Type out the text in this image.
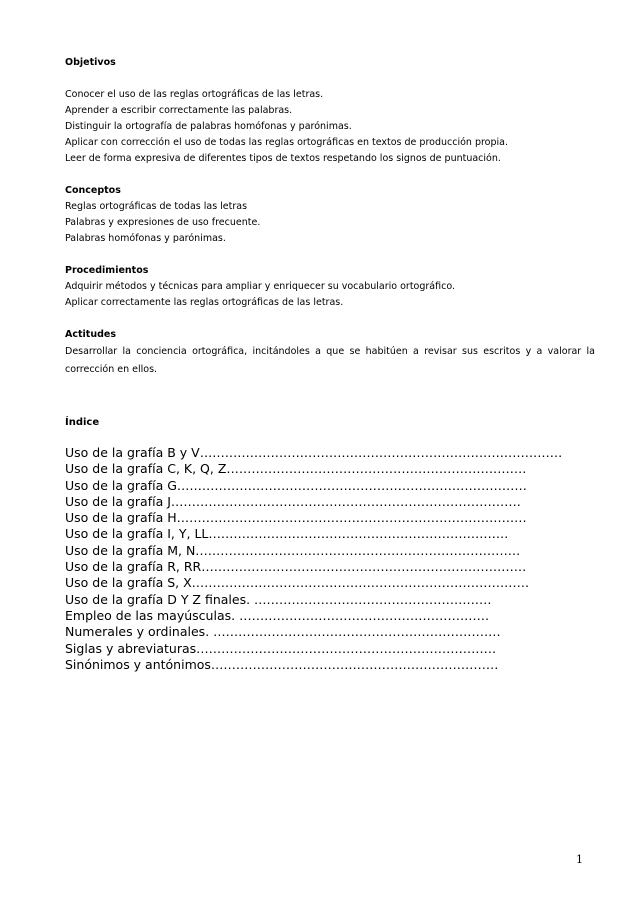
Objetivos

Conocer el uso de las reglas ortográficas de las letras.

Aprender a escribir correctamente las palabras.

Distinguir la ortografía de palabras homófonas y parónimas.

Aplicar con corrección el uso de todas las reglas ortográficas en textos de producción propia.

Leer de forma expresiva de diferentes tipos de textos respetando los signos de puntuación.

Conceptos

Reglas ortográficas de todas las letras

Palabras y expresiones de uso frecuente.

Palabras homófonas y parónimas.

Procedimientos

Adquirir métodos y técnicas para ampliar y enriquecer su vocabulario ortográfico.

Aplicar correctamente las reglas ortográficas de las letras.

Actitudes

Desarrollar la conciencia ortográfica, incitándoles a que se habitúen a revisar sus escritos y a valorar la corrección en ellos.

Índice

Uso de la grafía B y V……………………………………………………………………………

Uso de la grafía C, K, Q, Z………………………………………………………………

Uso de la grafía G…………………………………………………………………………

Uso de la grafía J…………………………………………………………………………

Uso de la grafía H…………………………………………………………………………

Uso de la grafía I, Y, LL………………………………………………………………

Uso de la grafía M, N……………………………………………………………………

Uso de la grafía R, RR……………………………………………………………………

Uso de la grafía S, X………………………………………………………………………

Uso de la grafía D Y Z finales. …………………………………………………

Empleo de las mayúsculas. ……………………………………………………

Numerales y ordinales. ……………………………………………………………

Siglas y abreviaturas………………………………………………………………

Sinónimos y antónimos……………………………………………………………

1
